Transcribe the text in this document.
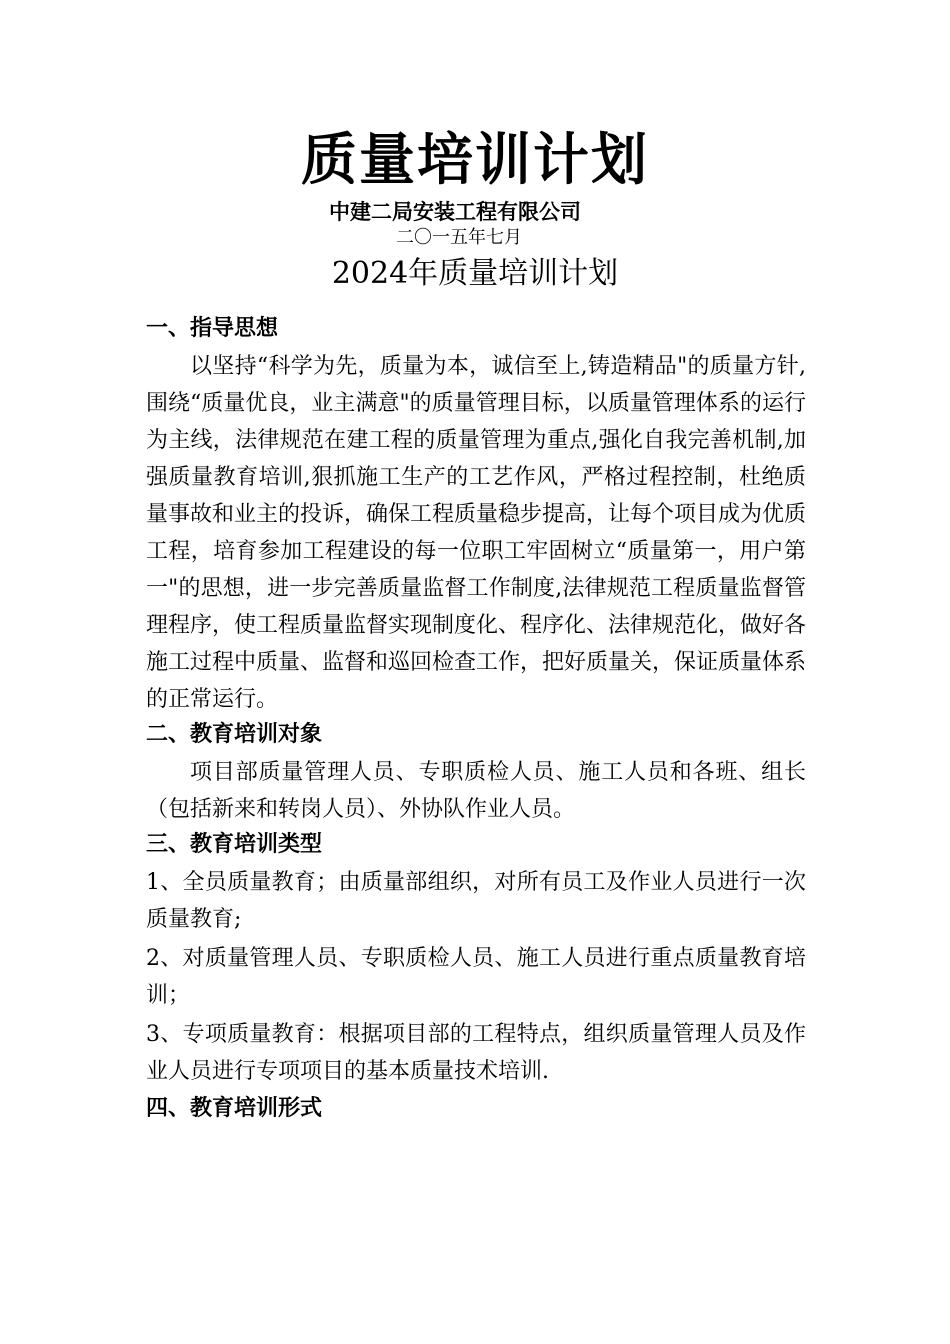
质量培训计划
中建二局安装工程有限公司
二〇一五年七月
2024年质量培训计划
一、指导思想

以坚持“科学为先，质量为本，诚信至上,铸造精品"的质量方针,围绕“质量优良，业主满意"的质量管理目标，以质量管理体系的运行为主线，法律规范在建工程的质量管理为重点,强化自我完善机制,加强质量教育培训,狠抓施工生产的工艺作风，严格过程控制，杜绝质量事故和业主的投诉，确保工程质量稳步提高，让每个项目成为优质工程，培育参加工程建设的每一位职工牢固树立“质量第一，用户第一"的思想，进一步完善质量监督工作制度,法律规范工程质量监督管理程序，使工程质量监督实现制度化、程序化、法律规范化，做好各施工过程中质量、监督和巡回检查工作，把好质量关，保证质量体系的正常运行。

二、教育培训对象

项目部质量管理人员、专职质检人员、施工人员和各班、组长（包括新来和转岗人员）、外协队作业人员。

三、教育培训类型

1、全员质量教育；由质量部组织，对所有员工及作业人员进行一次质量教育;

2、对质量管理人员、专职质检人员、施工人员进行重点质量教育培训；

3、专项质量教育：根据项目部的工程特点，组织质量管理人员及作业人员进行专项项目的基本质量技术培训.

四、教育培训形式
